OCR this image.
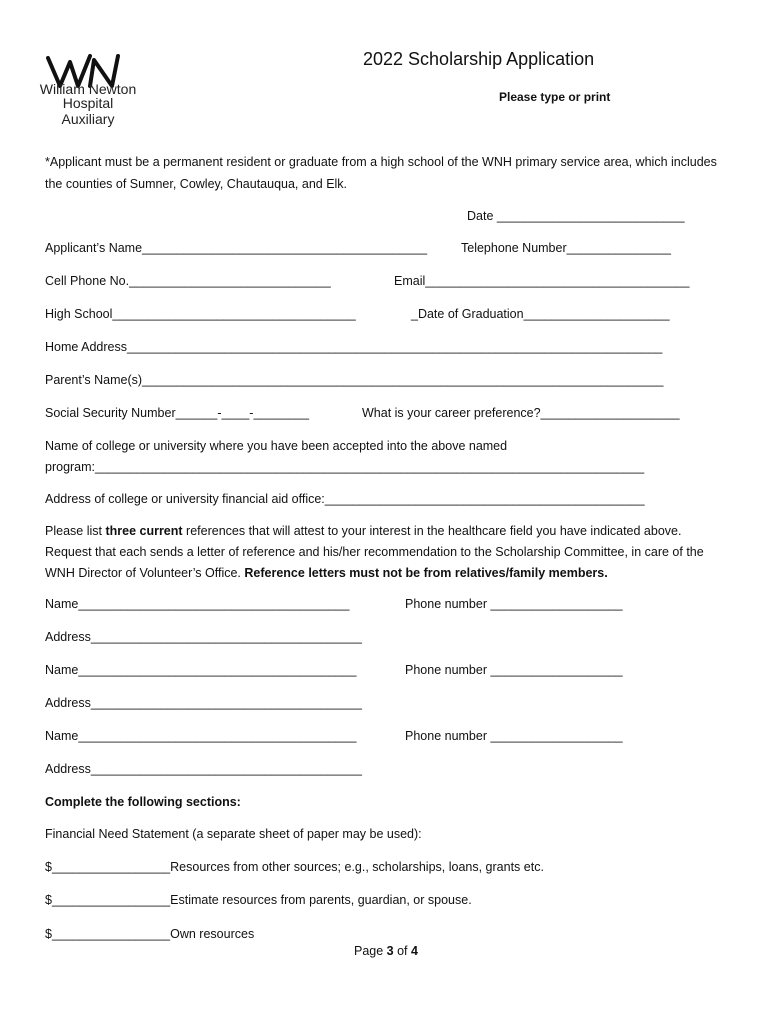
William Newton
Hospital
Auxiliary
2022 Scholarship Application
Please type or print
*Applicant must be a permanent resident or graduate from a high school of the WNH primary service area, which includes
the counties of Sumner, Cowley, Chautauqua, and Elk.
Date ___________________________
Applicant’s Name_________________________________________	Telephone Number_______________
Cell Phone No._____________________________	Email______________________________________
High School___________________________________	_Date of Graduation_____________________
Home Address_____________________________________________________________________________
Parent’s Name(s)___________________________________________________________________________
Social Security Number______-____-________	What is your career preference?____________________
Name of college or university where you have been accepted into the above named
program:_______________________________________________________________________________
Address of college or university financial aid office:______________________________________________
Please list three current references that will attest to your interest in the healthcare field you have indicated above.
Request that each sends a letter of reference and his/her recommendation to the Scholarship Committee, in care of the
WNH Director of Volunteer’s Office. Reference letters must not be from relatives/family members.
Name_______________________________________	Phone number ___________________
Address_______________________________________
Name________________________________________	Phone number ___________________
Address_______________________________________
Name________________________________________	Phone number ___________________
Address_______________________________________
Complete the following sections:
Financial Need Statement (a separate sheet of paper may be used):
$_________________Resources from other sources; e.g., scholarships, loans, grants etc.
$_________________Estimate resources from parents, guardian, or spouse.
$_________________Own resources
Page 3 of 4
